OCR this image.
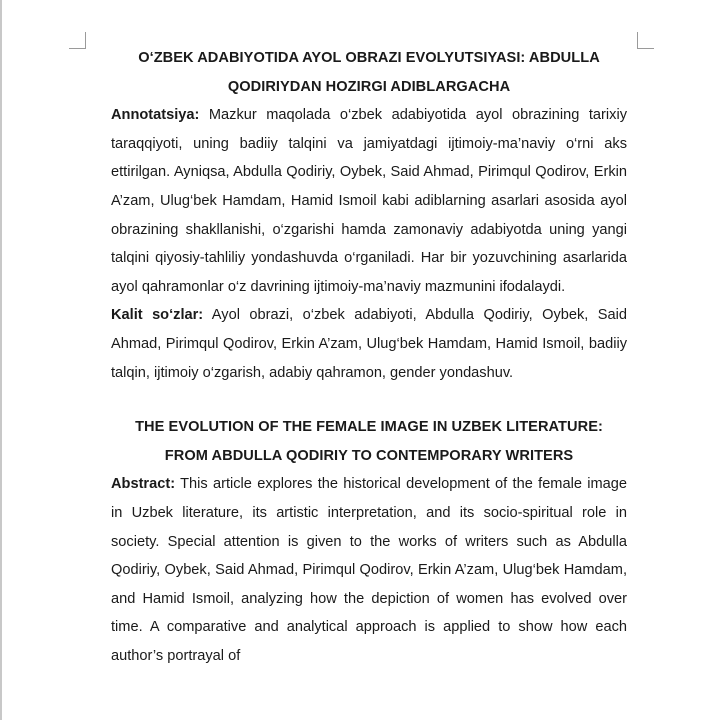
O‘ZBEK ADABIYOTIDA AYOL OBRAZI EVOLYUTSIYASI: ABDULLA

QODIRIYDAN HOZIRGI ADIBLARGACHA

Annotatsiya: Mazkur maqolada o‘zbek adabiyotida ayol obrazining tarixiy taraqqiyoti, uning badiiy talqini va jamiyatdagi ijtimoiy-ma’naviy o‘rni aks ettirilgan. Ayniqsa, Abdulla Qodiriy, Oybek, Said Ahmad, Pirimqul Qodirov, Erkin A’zam, Ulug‘bek Hamdam, Hamid Ismoil kabi adiblarning asarlari asosida ayol obrazining shakllanishi, o‘zgarishi hamda zamonaviy adabiyotda uning yangi talqini qiyosiy-tahliliy yondashuvda o‘rganiladi. Har bir yozuvchining asarlarida ayol qahramonlar o‘z davrining ijtimoiy-ma’naviy mazmunini ifodalaydi.

Kalit so‘zlar: Ayol obrazi, o‘zbek adabiyoti, Abdulla Qodiriy, Oybek, Said Ahmad, Pirimqul Qodirov, Erkin A’zam, Ulug‘bek Hamdam, Hamid Ismoil, badiiy talqin, ijtimoiy o‘zgarish, adabiy qahramon, gender yondashuv.

THE EVOLUTION OF THE FEMALE IMAGE IN UZBEK LITERATURE:

FROM ABDULLA QODIRIY TO CONTEMPORARY WRITERS

Abstract: This article explores the historical development of the female image in Uzbek literature, its artistic interpretation, and its socio-spiritual role in society. Special attention is given to the works of writers such as Abdulla Qodiriy, Oybek, Said Ahmad, Pirimqul Qodirov, Erkin A’zam, Ulug‘bek Hamdam, and Hamid Ismoil, analyzing how the depiction of women has evolved over time. A comparative and analytical approach is applied to show how each author’s portrayal of
